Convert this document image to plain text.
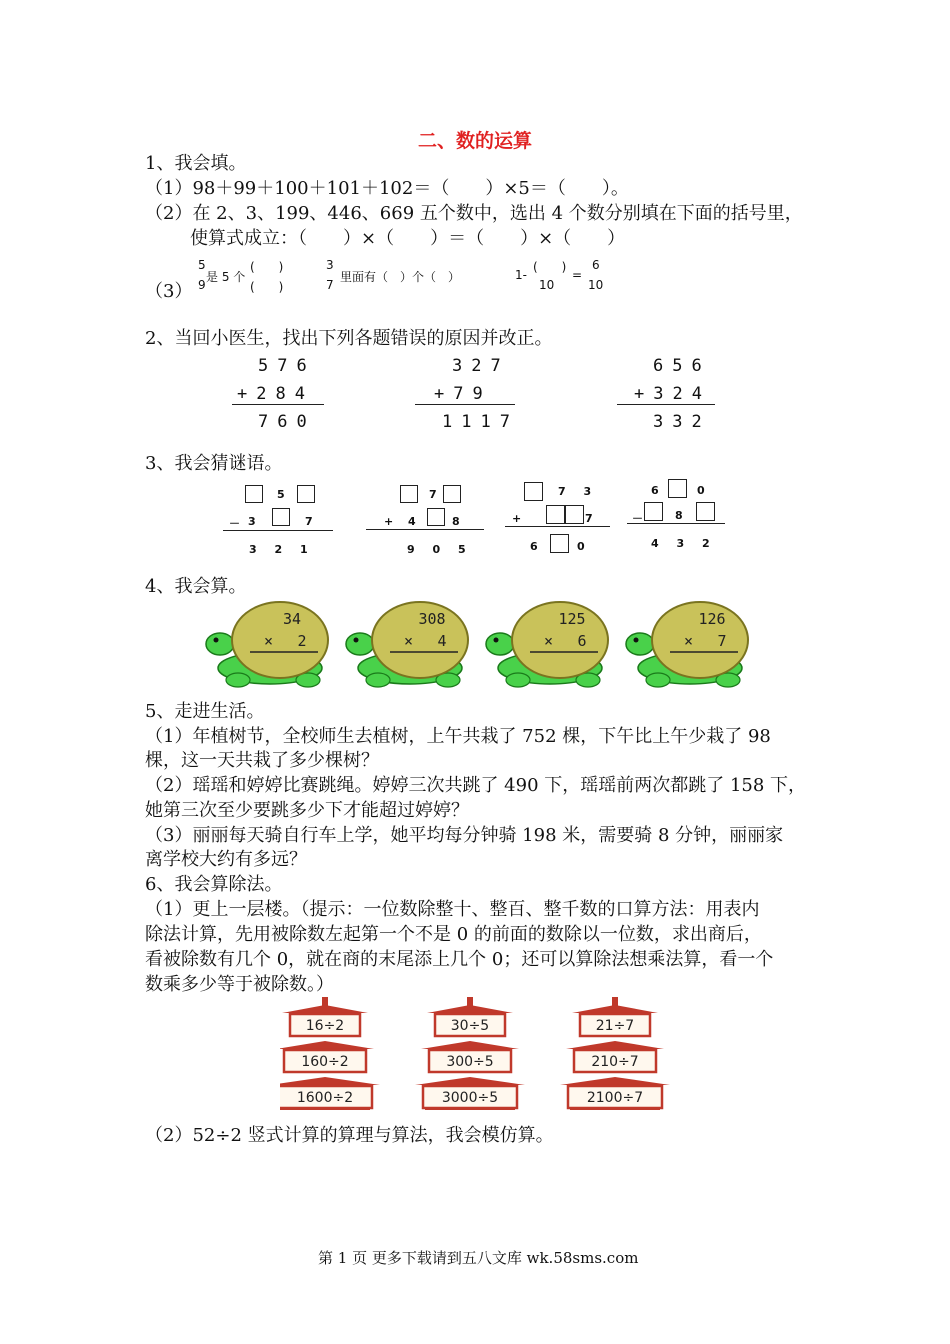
二、数的运算
1、我会填。
（1）98＋99＋100＋101＋102＝（　　）×5＝（　　）。
（2）在 2、3、199、446、669 五个数中，选出 4 个数分别填在下面的括号里，
使算式成立：（　　）×（　　）＝（　　）×（　　）
（3）
5
9
是 5 个
(　　)
(　　)
3
7
里面有（　）个（　）	1-
(　　)
10
=
6
10
2、当回小医生，找出下列各题错误的原因并改正。
576
+284
760
327
+79
1117
656
+324
332
3、我会猜谜语。
5
－ 3	7
3 2 1
7
+ 4	8
9 0 5
7 3
+	7
6	0
6	0
－	8
4 3 2
4、我会算。
34
× 2
308
× 4
125
× 6
126
× 7
5、走进生活。
（1）年植树节，全校师生去植树，上午共栽了 752 棵，下午比上午少栽了 98
棵，这一天共栽了多少棵树？
（2）瑶瑶和婷婷比赛跳绳。婷婷三次共跳了 490 下，瑶瑶前两次都跳了 158 下，
她第三次至少要跳多少下才能超过婷婷？
（3）丽丽每天骑自行车上学，她平均每分钟骑 198 米，需要骑 8 分钟，丽丽家
离学校大约有多远？
6、我会算除法。
（1）更上一层楼。（提示：一位数除整十、整百、整千数的口算方法：用表内
除法计算，先用被除数左起第一个不是 0 的前面的数除以一位数，求出商后，
看被除数有几个 0，就在商的末尾添上几个 0；还可以算除法想乘法算，看一个
数乘多少等于被除数。）
16÷2
160÷2
1600÷2
30÷5
300÷5
3000÷5
21÷7
210÷7
2100÷7
（2）52÷2 竖式计算的算理与算法，我会模仿算。
第 1 页 更多下载请到五八文库 wk.58sms.com
